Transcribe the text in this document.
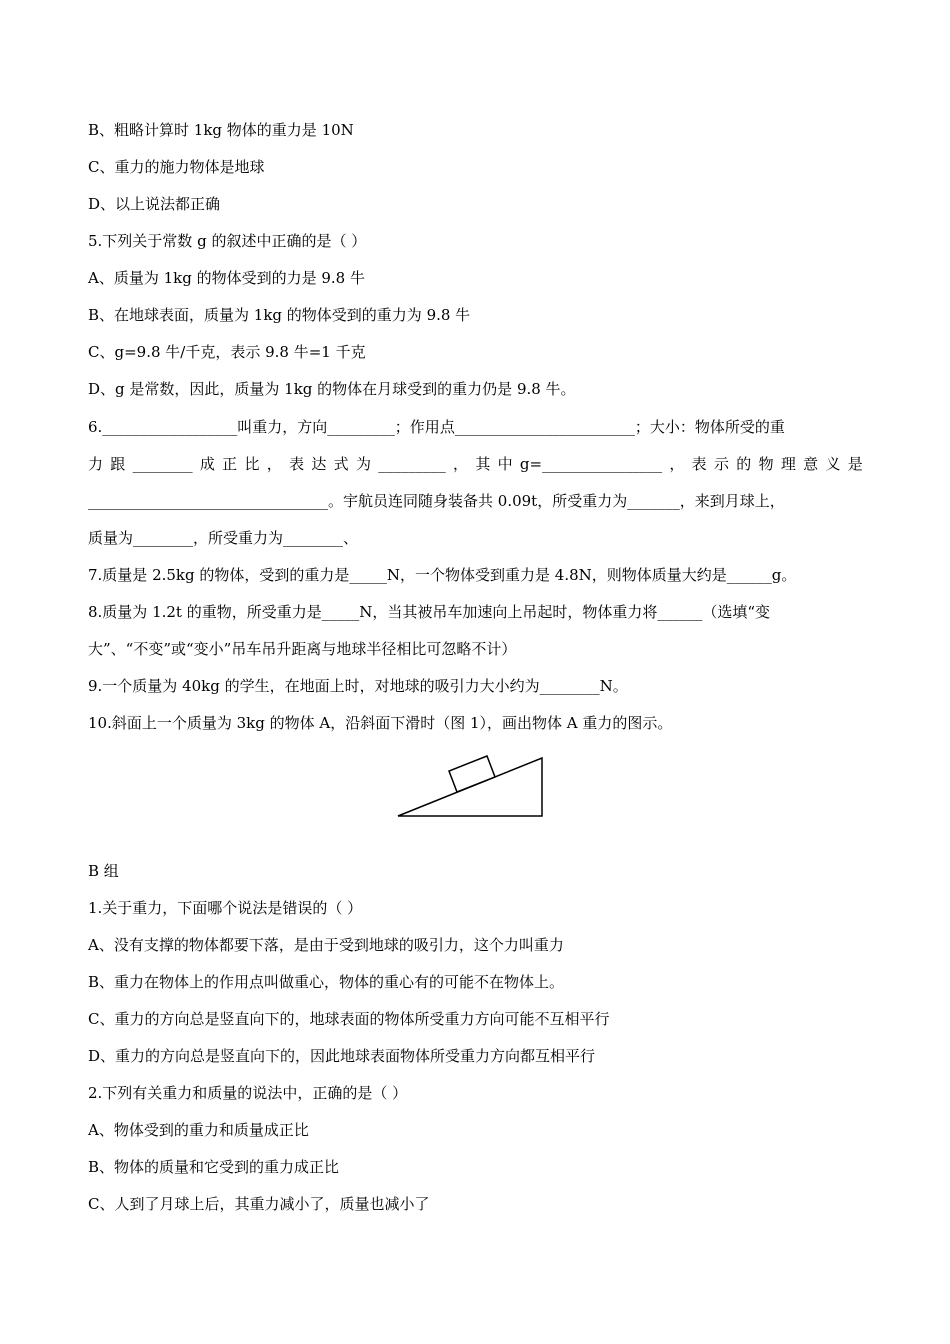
B、粗略计算时 1kg 物体的重力是 10N
C、重力的施力物体是地球
D、以上说法都正确
5.下列关于常数 g 的叙述中正确的是（ ）
A、质量为 1kg 的物体受到的力是 9.8 牛
B、在地球表面，质量为 1kg 的物体受到的重力为 9.8 牛
C、g=9.8 牛/千克，表示 9.8 牛=1 千克
D、g 是常数，因此，质量为 1kg 的物体在月球受到的重力仍是 9.8 牛。
6.__________________叫重力，方向_________；作用点________________________；大小：物体所受的重
力 跟 ________ 成 正 比 ， 表 达 式 为 _________ ， 其 中 g=________________ ， 表 示 的 物 理 意 义 是
________________________________。宇航员连同随身装备共 0.09t，所受重力为_______，来到月球上，
质量为________，所受重力为________、
7.质量是 2.5kg 的物体，受到的重力是_____N，一个物体受到重力是 4.8N，则物体质量大约是______g。
8.质量为 1.2t 的重物，所受重力是_____N，当其被吊车加速向上吊起时，物体重力将______（选填“变
大”、“不变”或“变小”吊车吊升距离与地球半径相比可忽略不计）
9.一个质量为 40kg 的学生，在地面上时，对地球的吸引力大小约为________N。
10.斜面上一个质量为 3kg 的物体 A，沿斜面下滑时（图 1），画出物体 A 重力的图示。
B 组
1.关于重力，下面哪个说法是错误的（ ）
A、没有支撑的物体都要下落，是由于受到地球的吸引力，这个力叫重力
B、重力在物体上的作用点叫做重心，物体的重心有的可能不在物体上。
C、重力的方向总是竖直向下的，地球表面的物体所受重力方向可能不互相平行
D、重力的方向总是竖直向下的，因此地球表面物体所受重力方向都互相平行
2.下列有关重力和质量的说法中，正确的是（ ）
A、物体受到的重力和质量成正比
B、物体的质量和它受到的重力成正比
C、人到了月球上后，其重力减小了，质量也减小了
